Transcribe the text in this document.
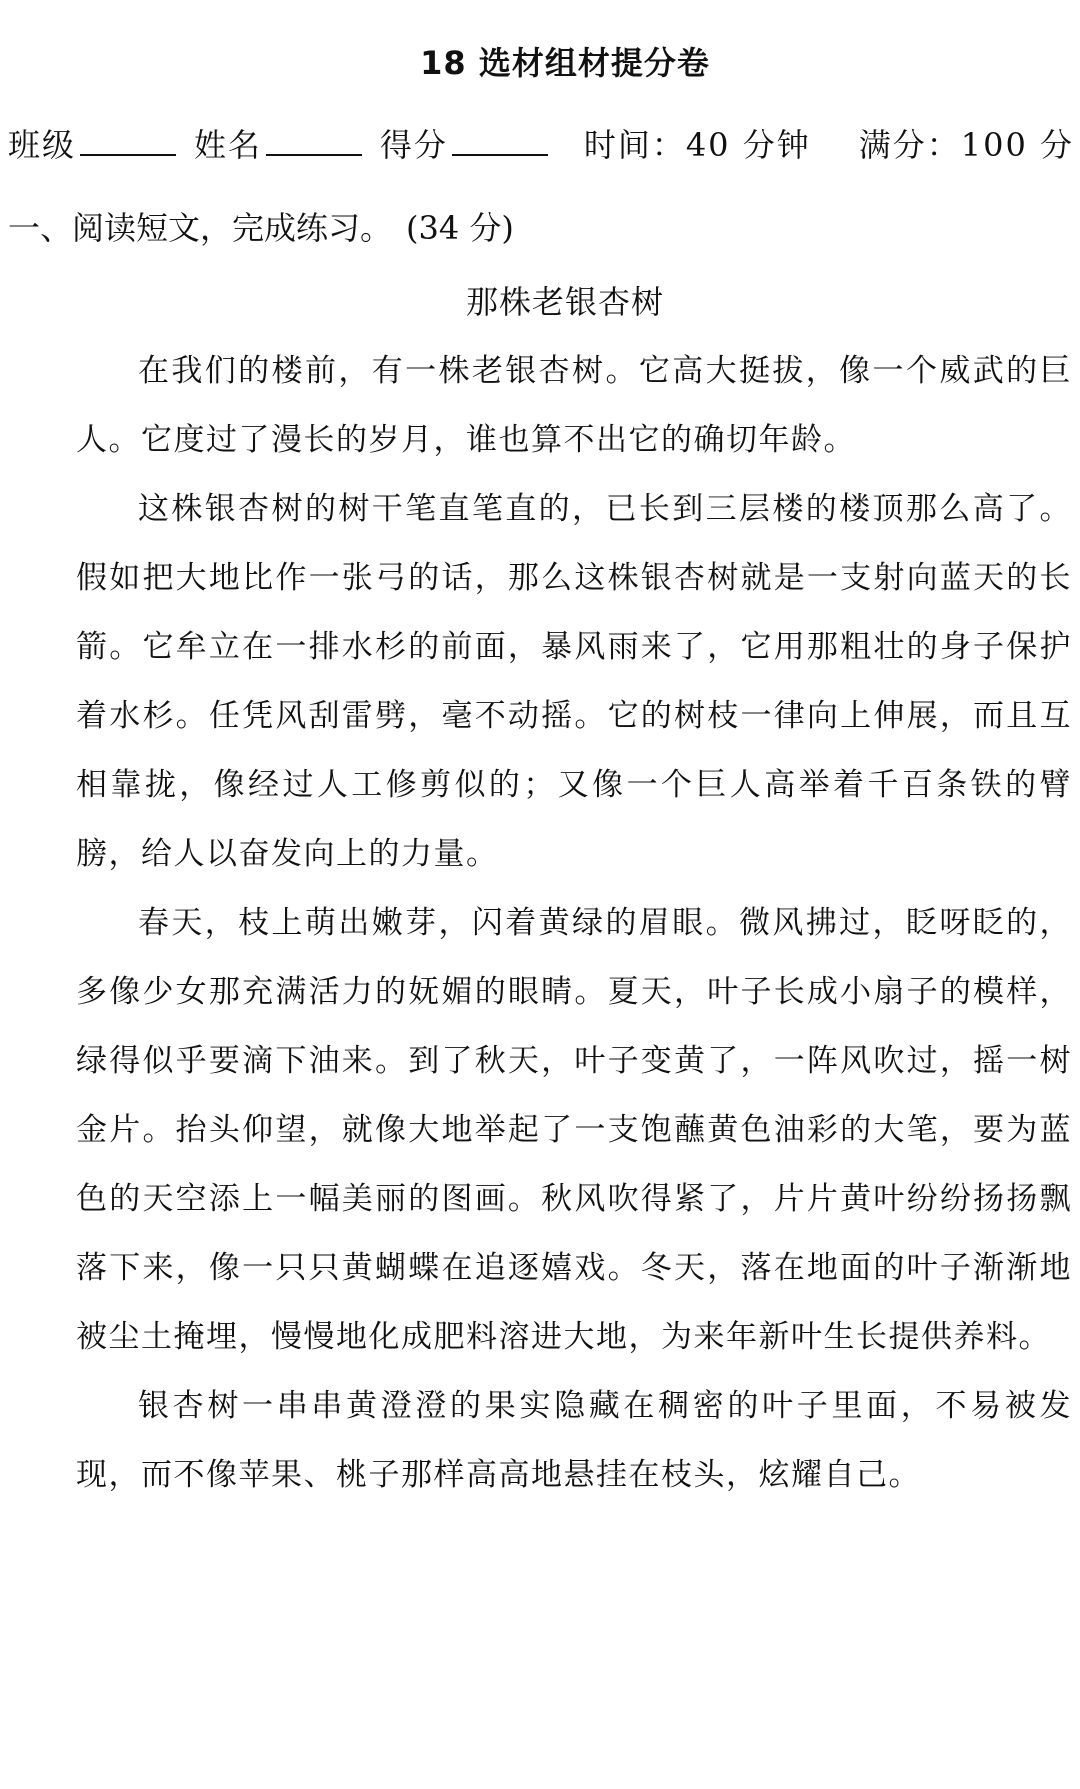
18 选材组材提分卷
班级	姓名	得分	时间：40 分钟 满分：100 分
一、阅读短文，完成练习。 (34 分)
那株老银杏树

在我们的楼前，有一株老银杏树。它高大挺拔，像一个威武的巨人。它度过了漫长的岁月，谁也算不出它的确切年龄。

这株银杏树的树干笔直笔直的，已长到三层楼的楼顶那么高了。假如把大地比作一张弓的话，那么这株银杏树就是一支射向蓝天的长箭。它牟立在一排水杉的前面，暴风雨来了，它用那粗壮的身子保护着水杉。任凭风刮雷劈，毫不动摇。它的树枝一律向上伸展，而且互相靠拢，像经过人工修剪似的；又像一个巨人高举着千百条铁的臂膀，给人以奋发向上的力量。

春天，枝上萌出嫩芽，闪着黄绿的眉眼。微风拂过，眨呀眨的，多像少女那充满活力的妩媚的眼睛。夏天，叶子长成小扇子的模样，绿得似乎要滴下油来。到了秋天，叶子变黄了，一阵风吹过，摇一树金片。抬头仰望，就像大地举起了一支饱蘸黄色油彩的大笔，要为蓝色的天空添上一幅美丽的图画。秋风吹得紧了，片片黄叶纷纷扬扬飘落下来，像一只只黄蝴蝶在追逐嬉戏。冬天，落在地面的叶子渐渐地被尘土掩埋，慢慢地化成肥料溶进大地，为来年新叶生长提供养料。

银杏树一串串黄澄澄的果实隐藏在稠密的叶子里面，不易被发现，而不像苹果、桃子那样高高地悬挂在枝头，炫耀自己。
